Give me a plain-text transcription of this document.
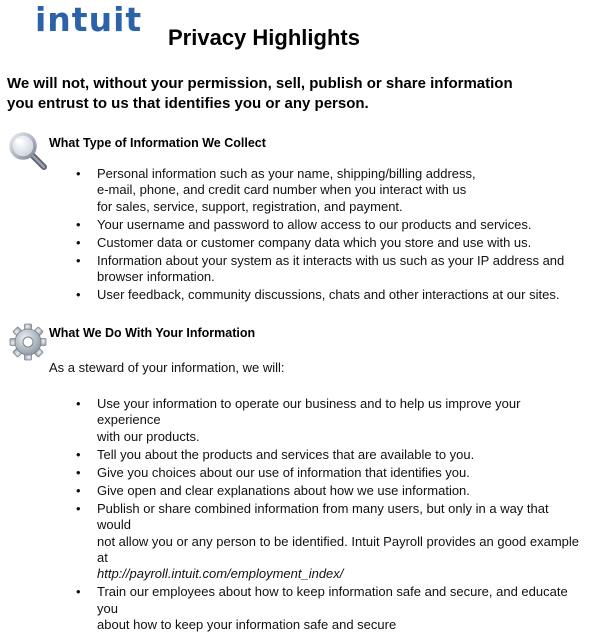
intuit Privacy Highlights
We will not, without your permission, sell, publish or share information
you entrust to us that identifies you or any person.
What Type of Information We Collect
• Personal information such as your name, shipping/billing address,
e-mail, phone, and credit card number when you interact with us
for sales, service, support, registration, and payment.
• Your username and password to allow access to our products and services.
• Customer data or customer company data which you store and use with us.
• Information about your system as it interacts with us such as your IP address and
browser information.
• User feedback, community discussions, chats and other interactions at our sites.
What We Do With Your Information
As a steward of your information, we will:
• Use your information to operate our business and to help us improve your experience
with our products.
• Tell you about the products and services that are available to you.
• Give you choices about our use of information that identifies you.
• Give open and clear explanations about how we use information.
• Publish or share combined information from many users, but only in a way that would
not allow you or any person to be identified. Intuit Payroll provides an good example at
http://payroll.intuit.com/employment_index/
• Train our employees about how to keep information safe and secure, and educate you
about how to keep your information safe and secure
